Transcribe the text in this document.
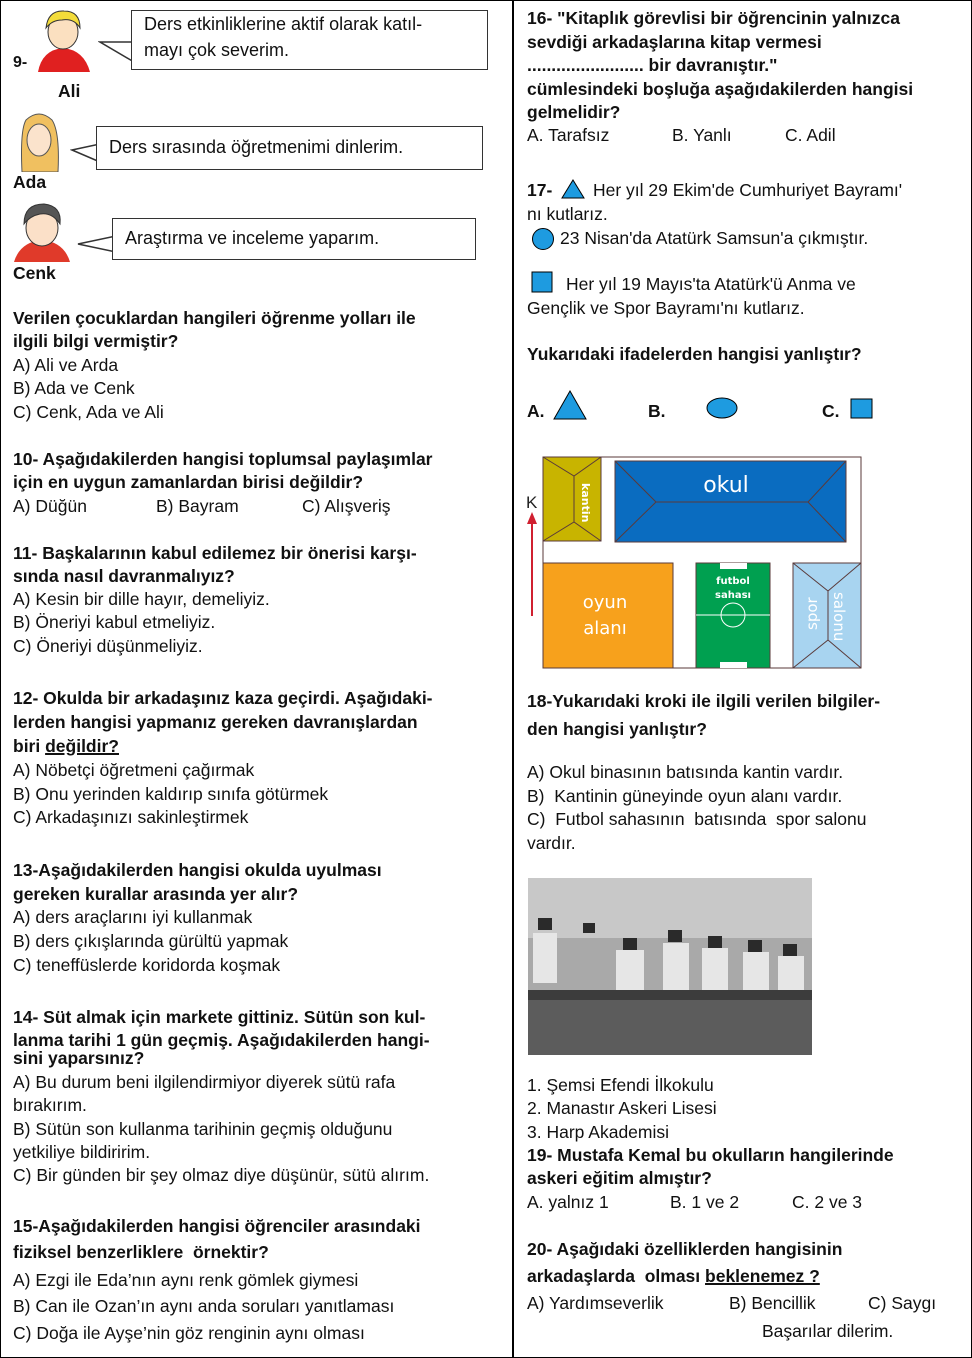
9-
Ali
Ders etkinliklerine aktif olarak katıl-
mayı çok severim.
Ada
Ders sırasında öğretmenimi dinlerim.
Cenk
Araştırma ve inceleme yaparım.
Verilen çocuklardan hangileri öğrenme yolları ile
ilgili bilgi vermiştir?
A) Ali ve Arda
B) Ada ve Cenk
C) Cenk, Ada ve Ali
10- Aşağıdakilerden hangisi toplumsal paylaşımlar
için en uygun zamanlardan birisi değildir?
A) Düğün	B) Bayram	C) Alışveriş
11- Başkalarının kabul edilemez bir önerisi karşı-
sında nasıl davranmalıyız?
A) Kesin bir dille hayır, demeliyiz.
B) Öneriyi kabul etmeliyiz.
C) Öneriyi düşünmeliyiz.
12- Okulda bir arkadaşınız kaza geçirdi. Aşağıdaki-
lerden hangisi yapmanız gereken davranışlardan
biri değildir?
A) Nöbetçi öğretmeni çağırmak
B) Onu yerinden kaldırıp sınıfa götürmek
C) Arkadaşınızı sakinleştirmek
13-Aşağıdakilerden hangisi okulda uyulması
gereken kurallar arasında yer alır?
A) ders araçlarını iyi kullanmak
B) ders çıkışlarında gürültü yapmak
C) teneffüslerde koridorda koşmak
14- Süt almak için markete gittiniz. Sütün son kul-
lanma tarihi 1 gün geçmiş. Aşağıdakilerden hangi-
sini yaparsınız?
A) Bu durum beni ilgilendirmiyor diyerek sütü rafa
bırakırım.
B) Sütün son kullanma tarihinin geçmiş olduğunu
yetkiliye bildiririm.
C) Bir günden bir şey olmaz diye düşünür, sütü alırım.
15-Aşağıdakilerden hangisi öğrenciler arasındaki
fiziksel benzerliklere  örnektir?
A) Ezgi ile Eda’nın aynı renk gömlek giymesi
B) Can ile Ozan’ın aynı anda soruları yanıtlaması
C) Doğa ile Ayşe’nin göz renginin aynı olması
16- "Kitaplık görevlisi bir öğrencinin yalnızca
sevdiği arkadaşlarına kitap vermesi
........................ bir davranıştır."
cümlesindeki boşluğa aşağıdakilerden hangisi
gelmelidir?
A. Tarafsız	B. Yanlı	C. Adil
17- Her yıl 29 Ekim'de Cumhuriyet Bayramı'
nı kutlarız.
23 Nisan'da Atatürk Samsun'a çıkmıştır.
Her yıl 19 Mayıs'ta Atatürk'ü Anma ve
Gençlik ve Spor Bayramı'nı kutlarız.
Yukarıdaki ifadelerden hangisi yanlıştır?
A.	B.	C.
K	kantin	okul
oyun
alanı
futbol
sahası
spor salonu
18-Yukarıdaki kroki ile ilgili verilen bilgiler-
den hangisi yanlıştır?
A) Okul binasının batısında kantin vardır.
B)  Kantinin güneyinde oyun alanı vardır.
C)  Futbol sahasının  batısında  spor salonu
vardır.
1. Şemsi Efendi İlkokulu
2. Manastır Askeri Lisesi
3. Harp Akademisi
19- Mustafa Kemal bu okulların hangilerinde
askeri eğitim almıştır?
A. yalnız 1	B. 1 ve 2	C. 2 ve 3
20- Aşağıdaki özelliklerden hangisinin
arkadaşlarda  olması beklenemez ?
A) Yardımseverlik	B) Bencillik	C) Saygı
Başarılar dilerim.
